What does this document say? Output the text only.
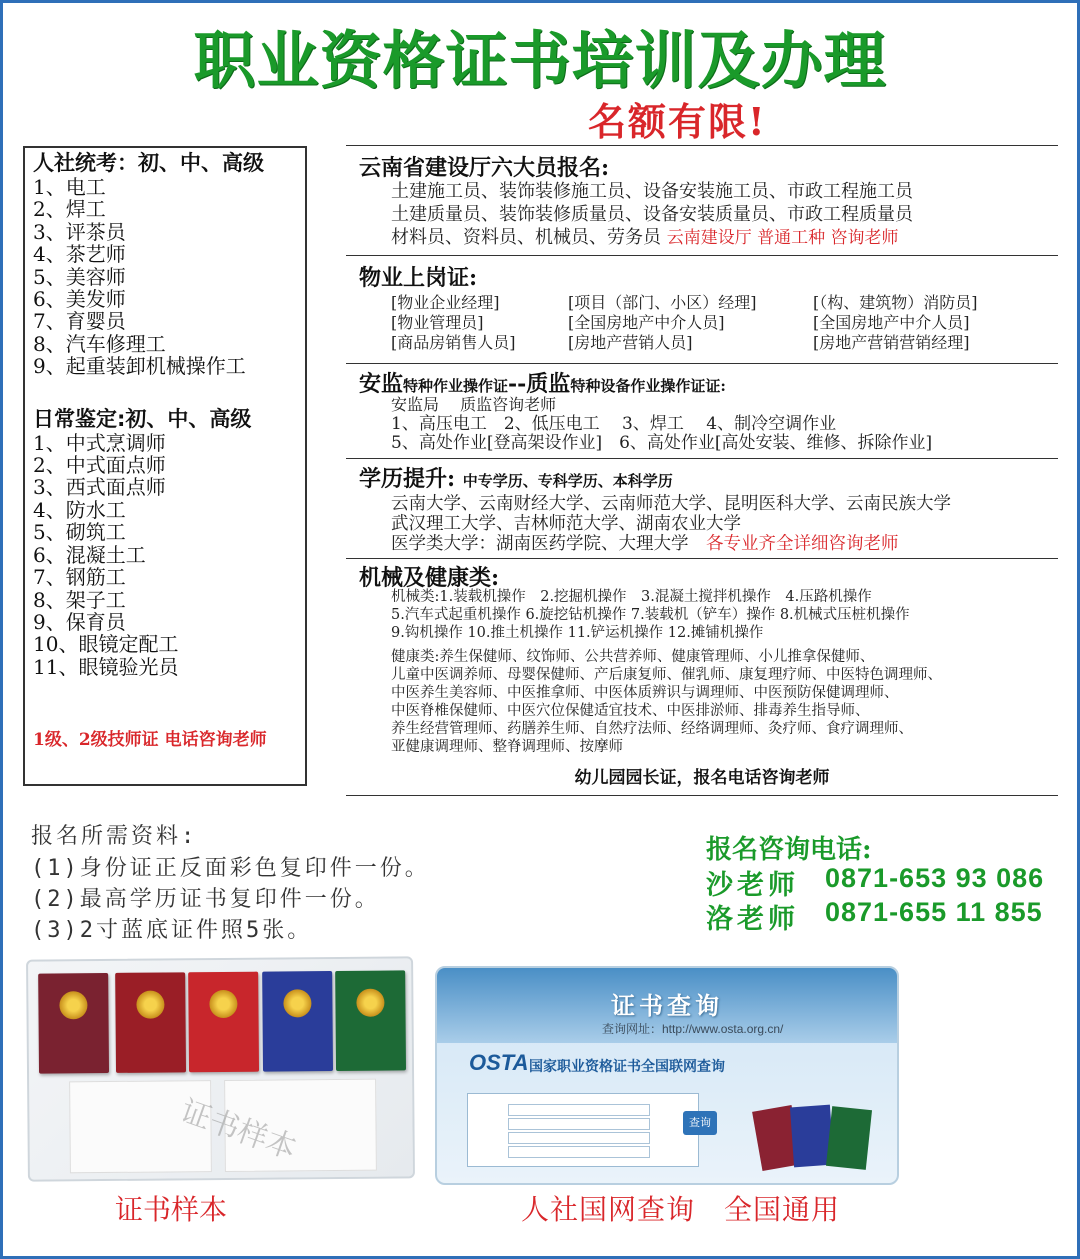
职业资格证书培训及办理
名额有限!
人社统考：初、中、高级
1、电工
2、焊工
3、评茶员
4、茶艺师
5、美容师
6、美发师
7、育婴员
8、汽车修理工
9、起重装卸机械操作工
日常鉴定:初、中、高级
1、中式烹调师
2、中式面点师
3、西式面点师
4、防水工
5、砌筑工
6、混凝土工
7、钢筋工
8、架子工
9、保育员
10、眼镜定配工
11、眼镜验光员
1级、2级技师证 电话咨询老师
云南省建设厅六大员报名:
土建施工员、装饰装修施工员、设备安装施工员、市政工程施工员
土建质量员、装饰装修质量员、设备安装质量员、市政工程质量员
材料员、资料员、机械员、劳务员 云南建设厅 普通工种 咨询老师
物业上岗证:
[物业企业经理]	[项目（部门、小区）经理]	[（构、建筑物）消防员]
[物业管理员]	[全国房地产中介人员]	[全国房地产中介人员]
[商品房销售人员]	[房地产营销人员]	[房地产营销营销经理]
安监特种作业操作证--质监特种设备作业操作证证:
安监局　 质监咨询老师
1、高压电工　2、低压电工　 3、焊工　 4、制冷空调作业
5、高处作业[登高架设作业]　6、高处作业[高处安装、维修、拆除作业]
学历提升: 中专学历、专科学历、本科学历
云南大学、云南财经大学、云南师范大学、昆明医科大学、云南民族大学
武汉理工大学、吉林师范大学、湖南农业大学
医学类大学：湖南医药学院、大理大学　 各专业齐全详细咨询老师
机械及健康类:
机械类:1.装载机操作　2.挖掘机操作　3.混凝土搅拌机操作　4.压路机操作
5.汽车式起重机操作 6.旋挖钻机操作 7.装载机（铲车）操作 8.机械式压桩机操作
9.钩机操作 10.推土机操作 11.铲运机操作 12.摊铺机操作
健康类:养生保健师、纹饰师、公共营养师、健康管理师、小儿推拿保健师、
儿童中医调养师、母婴保健师、产后康复师、催乳师、康复理疗师、中医特色调理师、
中医养生美容师、中医推拿师、中医体质辨识与调理师、中医预防保健调理师、
中医脊椎保健师、中医穴位保健适宜技术、中医排淤师、排毒养生指导师、
养生经营管理师、药膳养生师、自然疗法师、经络调理师、灸疗师、食疗调理师、
亚健康调理师、整脊调理师、按摩师
幼儿园园长证，报名电话咨询老师
报名所需资料:
(1)身份证正反面彩色复印件一份。
(2)最高学历证书复印件一份。
(3)2寸蓝底证件照5张。
报名咨询电话:
沙老师 0871-653 93 086
洛老师 0871-655 11 855
证书样本
证书查询
查询网址：http://www.osta.org.cn/
OSTA 国家职业资格证书全国联网查询
查询
证书样本	人社国网查询　全国通用
